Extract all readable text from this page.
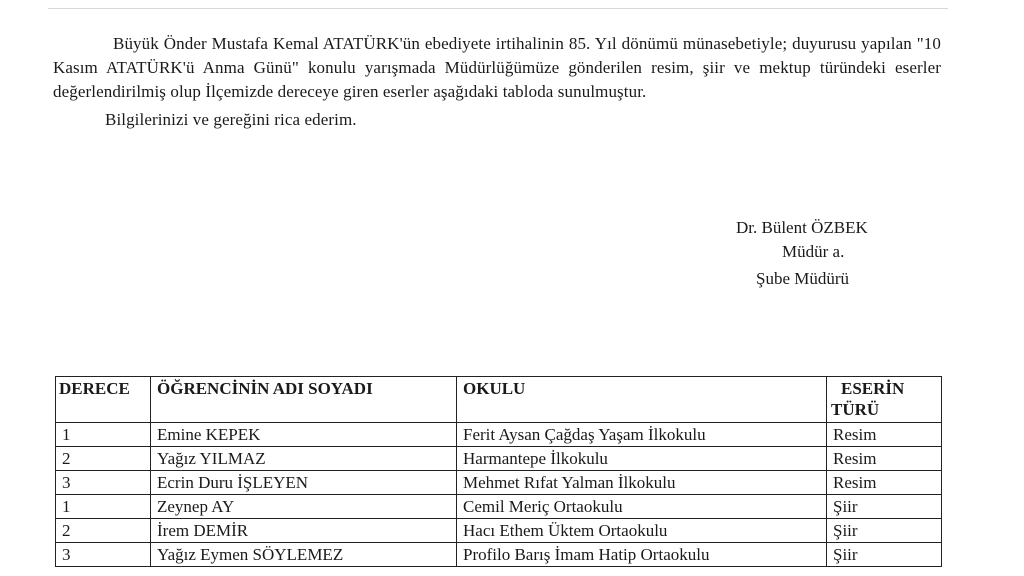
Büyük Önder Mustafa Kemal ATATÜRK'ün ebediyete irtihalinin 85. Yıl dönümü münasebetiyle; duyurusu yapılan "10 Kasım ATATÜRK'ü Anma Günü" konulu yarışmada Müdürlüğümüze gönderilen resim, şiir ve mektup türündeki eserler değerlendirilmiş olup İlçemizde dereceye giren eserler aşağıdaki tabloda sunulmuştur.

Bilgilerinizi ve gereğini rica ederim.

Dr. Bülent ÖZBEK
Müdür a.
Şube Müdürü
DERECE	ÖĞRENCİNİN ADI SOYADI	OKULU	ESERİN
TÜRÜ

1	Emine KEPEK	Ferit Aysan Çağdaş Yaşam İlkokulu	Resim
2	Yağız YILMAZ	Harmantepe İlkokulu	Resim
3	Ecrin Duru İŞLEYEN	Mehmet Rıfat Yalman İlkokulu	Resim
1	Zeynep AY	Cemil Meriç Ortaokulu	Şiir
2	İrem DEMİR	Hacı Ethem Üktem Ortaokulu	Şiir
3	Yağız Eymen SÖYLEMEZ	Profilo Barış İmam Hatip Ortaokulu	Şiir
